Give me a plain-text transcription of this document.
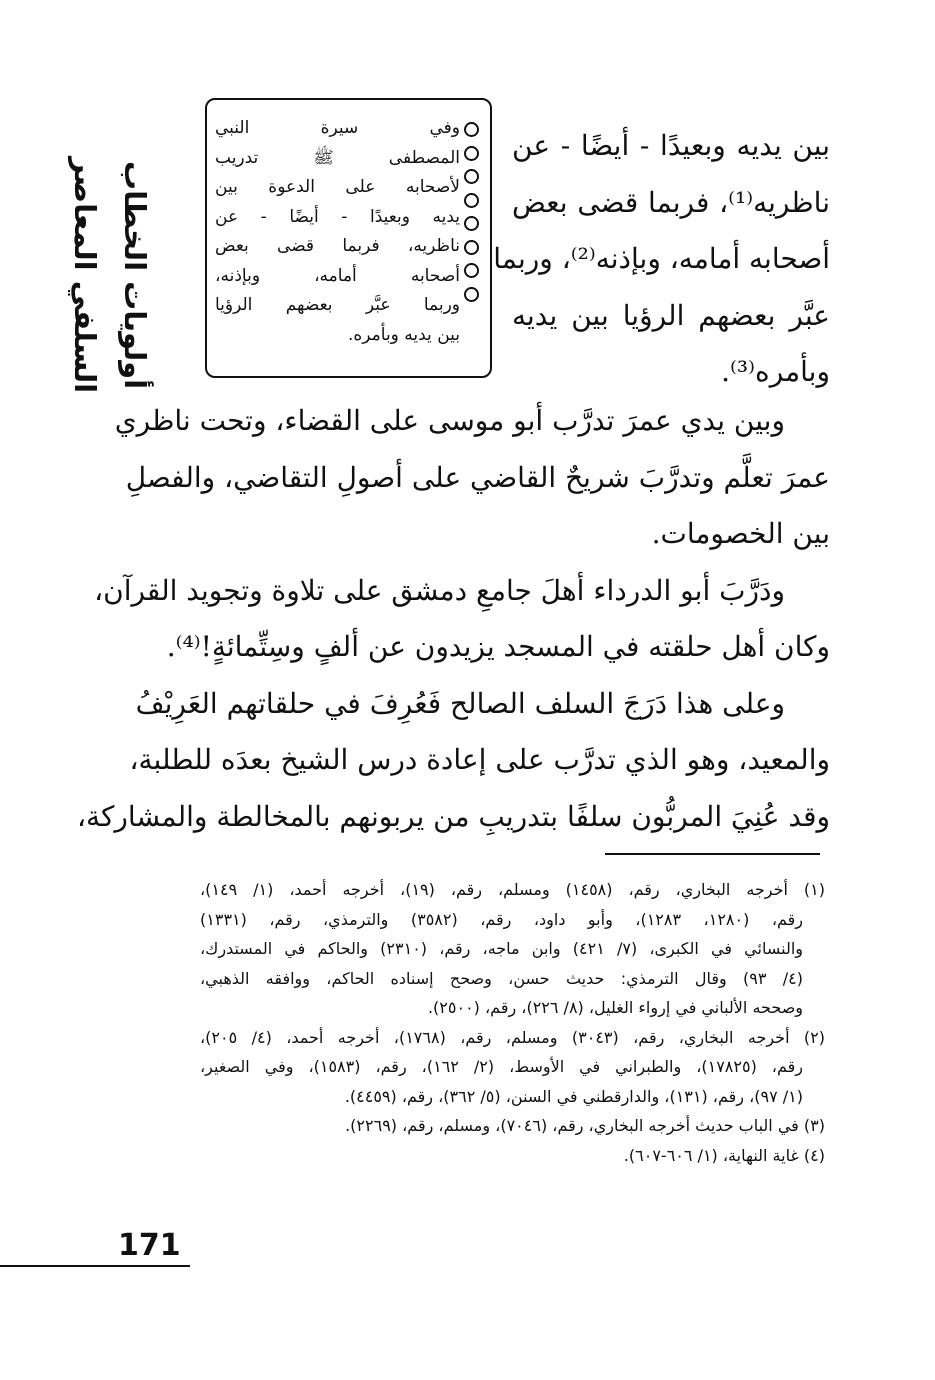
أولويات الخطاب السلفي المعاصر
وفي سيرة النبي
المصطفى ﷺ تدريب
لأصحابه على الدعوة بين
يديه وبعيدًا - أيضًا - عن
ناظريه، فربما قضى بعض
أصحابه أمامه، وبإذنه،
وربما عبَّر بعضهم الرؤيا
بين يديه وبأمره.
بين يديه وبعيدًا - أيضًا - عن
ناظريه⁽¹⁾، فربما قضى بعض
أصحابه أمامه، وبإذنه⁽²⁾، وربما
عبَّر بعضهم الرؤيا بين يديه
وبأمره⁽³⁾.
وبين يدي عمرَ تدرَّب أبو موسى على القضاء، وتحت ناظري
عمرَ تعلَّم وتدرَّبَ شريحٌ القاضي على أصولِ التقاضي، والفصلِ
بين الخصومات.
ودَرَّبَ أبو الدرداء أهلَ جامعِ دمشق على تلاوة وتجويد القرآن،
وكان أهل حلقته في المسجد يزيدون عن ألفٍ وسِتِّمائةٍ!⁽⁴⁾.
وعلى هذا دَرَجَ السلف الصالح فَعُرِفَ في حلقاتهم العَرِيْفُ
والمعيد، وهو الذي تدرَّب على إعادة درس الشيخ بعدَه للطلبة،
وقد عُنِيَ المربُّون سلفًا بتدريبِ من يربونهم بالمخالطة والمشاركة،
(١) أخرجه البخاري، رقم، (١٤٥٨) ومسلم، رقم، (١٩)، أخرجه أحمد، (١/ ١٤٩)،
رقم، (١٢٨٠، ١٢٨٣)، وأبو داود، رقم، (٣٥٨٢) والترمذي، رقم، (١٣٣١)
والنسائي في الكبرى، (٧/ ٤٢١) وابن ماجه، رقم، (٢٣١٠) والحاكم في المستدرك،
(٤/ ٩٣) وقال الترمذي: حديث حسن، وصحح إسناده الحاكم، ووافقه الذهبي،
وصححه الألباني في إرواء الغليل، (٨/ ٢٢٦)، رقم، (٢٥٠٠).
(٢) أخرجه البخاري، رقم، (٣٠٤٣) ومسلم، رقم، (١٧٦٨)، أخرجه أحمد، (٤/ ٢٠٥)،
رقم، (١٧٨٢٥)، والطبراني في الأوسط، (٢/ ١٦٢)، رقم، (١٥٨٣)، وفي الصغير،
(١/ ٩٧)، رقم، (١٣١)، والدارقطني في السنن، (٥/ ٣٦٢)، رقم، (٤٤٥٩).
(٣) في الباب حديث أخرجه البخاري، رقم، (٧٠٤٦)، ومسلم، رقم، (٢٢٦٩).
(٤) غاية النهاية، (١/ ٦٠٦-٦٠٧).
171
